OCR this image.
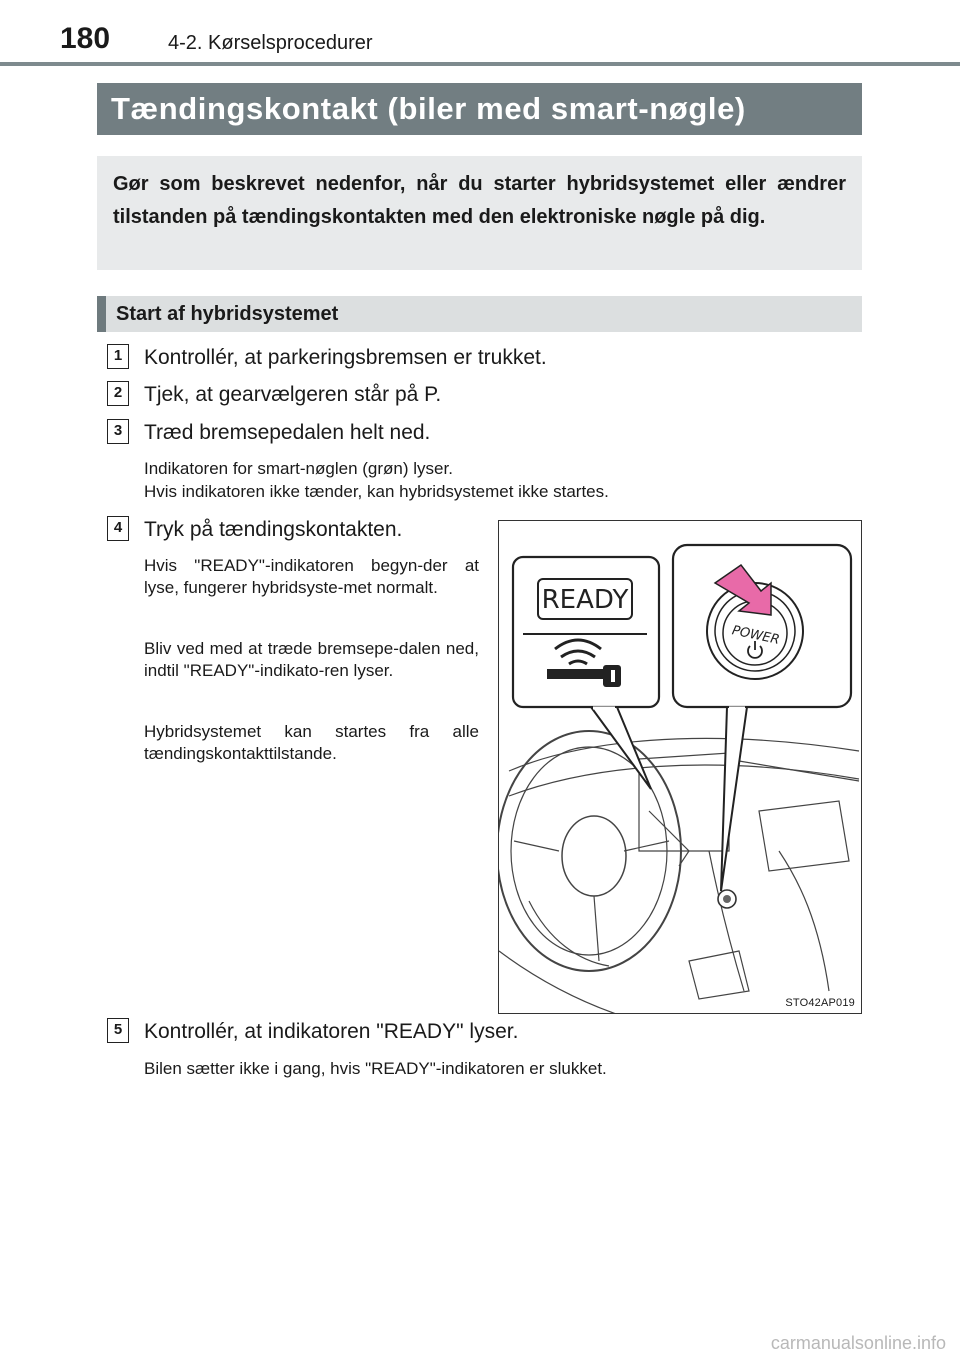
180	4-2. Kørselsprocedurer
Tændingskontakt (biler med smart-nøgle)
Gør som beskrevet nedenfor, når du starter hybridsystemet eller ændrer tilstanden på tændingskontakten med den elektroniske nøgle på dig.
Start af hybridsystemet
1	Kontrollér, at parkeringsbremsen er trukket.
2	Tjek, at gearvælgeren står på P.
3	Træd bremsepedalen helt ned.
Indikatoren for smart-nøglen (grøn) lyser.
Hvis indikatoren ikke tænder, kan hybridsystemet ikke startes.
4	Tryk på tændingskontakten.
Hvis "READY"-indikatoren begyn-der at lyse, fungerer hybridsyste-met normalt.
Bliv ved med at træde bremsepe-dalen ned, indtil "READY"-indikato-ren lyser.
Hybridsystemet kan startes fra alle tændingskontakttilstande.
5	Kontrollér, at indikatoren "READY" lyser.
Bilen sætter ikke i gang, hvis "READY"-indikatoren er slukket.
READY
POWER
STO42AP019
carmanualsonline.info
